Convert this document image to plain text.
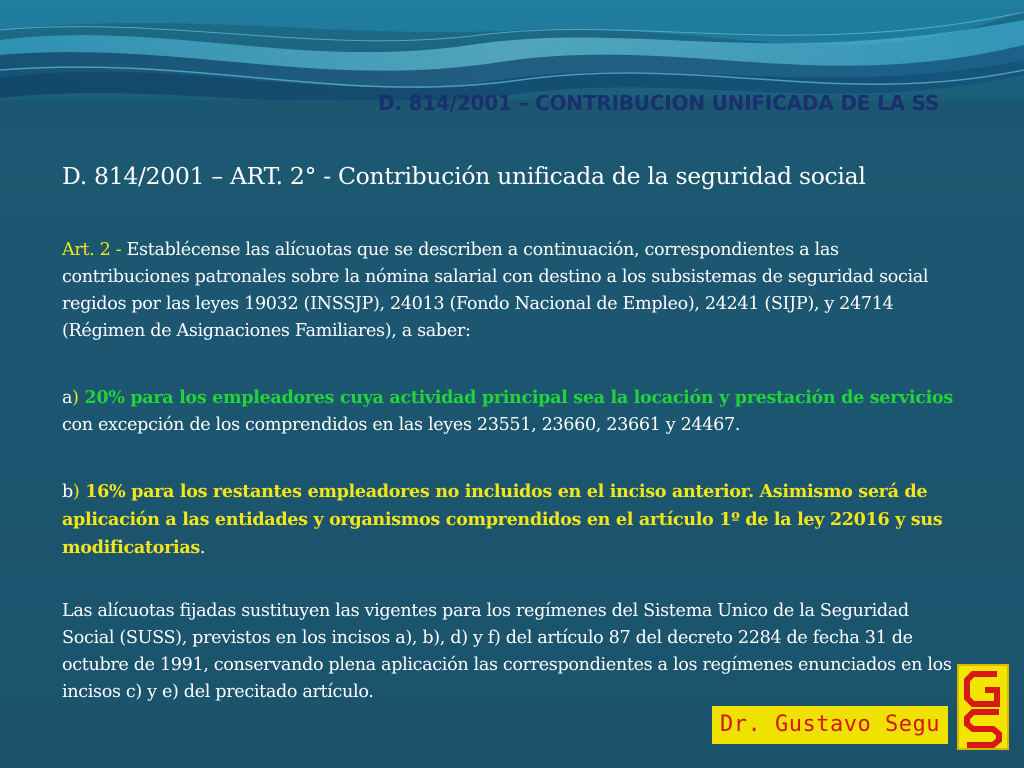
D. 814/2001 – CONTRIBUCION UNIFICADA DE LA SS
D. 814/2001 – ART. 2° - Contribución unificada de la seguridad social
Art. 2 - Establécense las alícuotas que se describen a continuación, correspondientes a las contribuciones patronales sobre la nómina salarial con destino a los subsistemas de seguridad social regidos por las leyes 19032 (INSSJP), 24013 (Fondo Nacional de Empleo), 24241 (SIJP), y 24714 (Régimen de Asignaciones Familiares), a saber:
a) 20% para los empleadores cuya actividad principal sea la locación y prestación de servicios con excepción de los comprendidos en las leyes 23551, 23660, 23661 y 24467.
b) 16% para los restantes empleadores no incluidos en el inciso anterior. Asimismo será de aplicación a las entidades y organismos comprendidos en el artículo 1º de la ley 22016 y sus modificatorias.
Las alícuotas fijadas sustituyen las vigentes para los regímenes del Sistema Unico de la Seguridad Social (SUSS), previstos en los incisos a), b), d) y f) del artículo 87 del decreto 2284 de fecha 31 de octubre de 1991, conservando plena aplicación las correspondientes a los regímenes enunciados en los incisos c) y e) del precitado artículo.
Dr. Gustavo Segu
